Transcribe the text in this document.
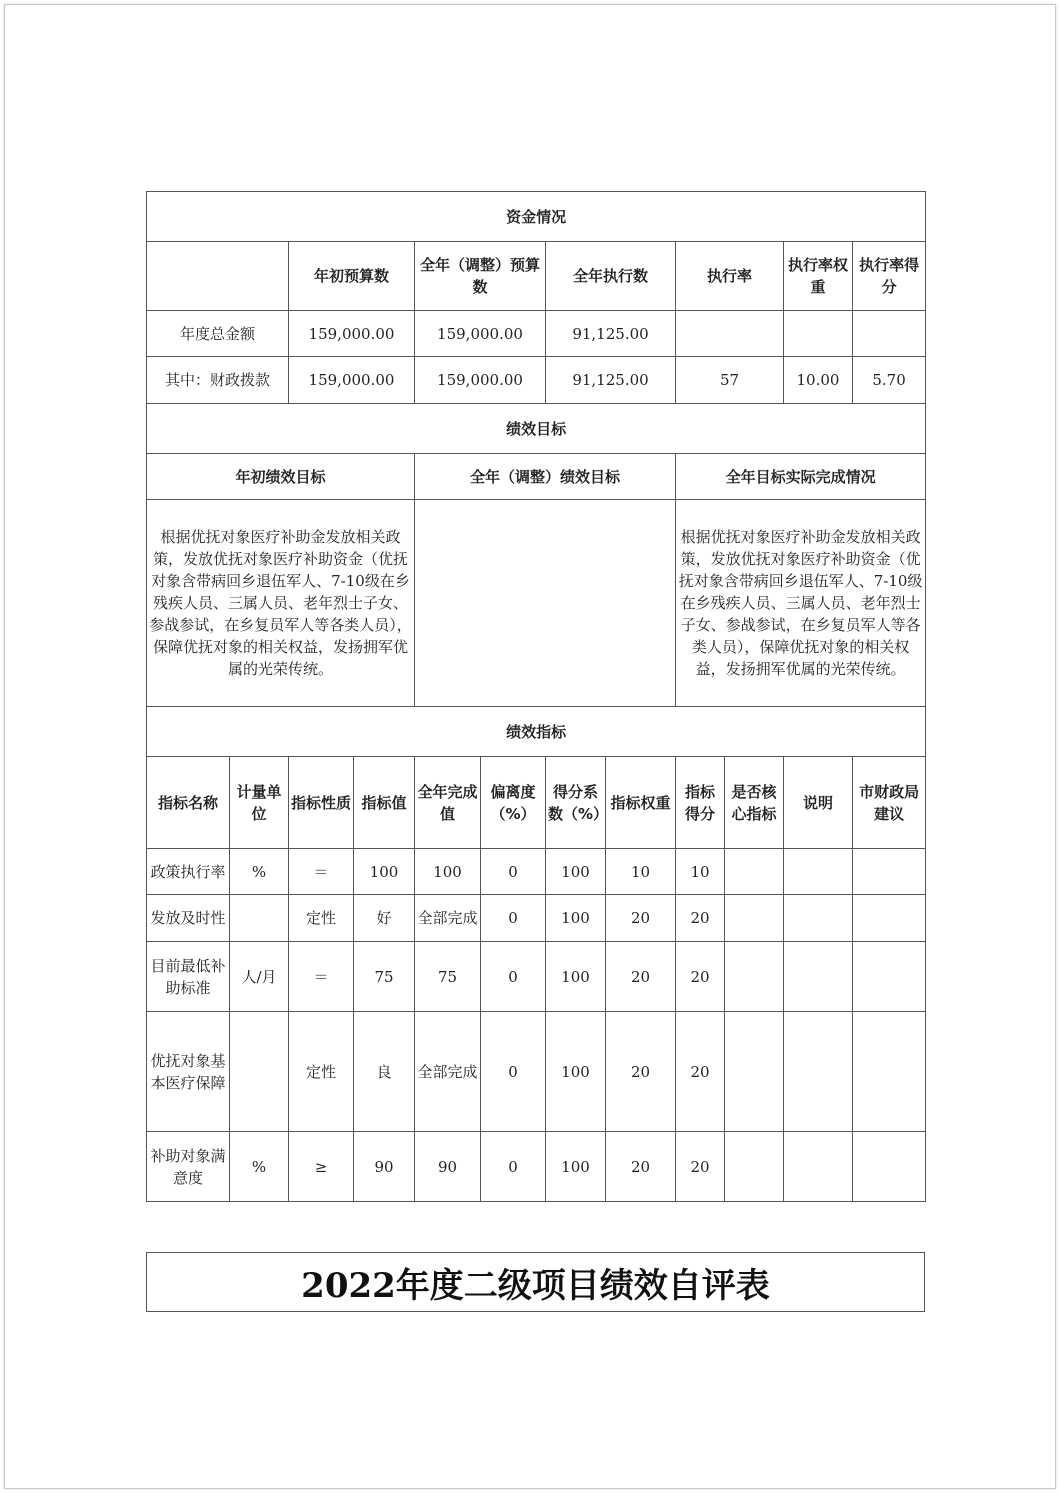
资金情况											
		年初预算数		全年（调整）预算数		全年执行数		执行率		执行率权重	执行率得分
年度总金额		159,000.00		159,000.00		91,125.00					
其中：财政拨款		159,000.00		159,000.00		91,125.00		57		10.00	5.70
绩效目标											
年初绩效目标				全年（调整）绩效目标				全年目标实际完成情况			
根据优抚对象医疗补助金发放相关政策，发放优抚对象医疗补助资金（优抚对象含带病回乡退伍军人、7-10级在乡残疾人员、三属人员、老年烈士子女、参战参试，在乡复员军人等各类人员），保障优抚对象的相关权益，发扬拥军优属的光荣传统。								根据优抚对象医疗补助金发放相关政策，发放优抚对象医疗补助资金（优抚对象含带病回乡退伍军人、7-10级在乡残疾人员、三属人员、老年烈士子女、参战参试，在乡复员军人等各类人员），保障优抚对象的相关权益，发扬拥军优属的光荣传统。			
绩效指标											
指标名称	计量单位	指标性质	指标值	全年完成值	偏离度（%）	得分系数（%）	指标权重	指标得分	是否核心指标	说明	市财政局建议
政策执行率	%	＝	100	100	0	100	10	10			
发放及时性		定性	好	全部完成	0	100	20	20			
目前最低补助标准	人/月	＝	75	75	0	100	20	20			
优抚对象基本医疗保障		定性	良	全部完成	0	100	20	20			
补助对象满意度	%	≥	90	90	0	100	20	20			
2022年度二级项目绩效自评表
